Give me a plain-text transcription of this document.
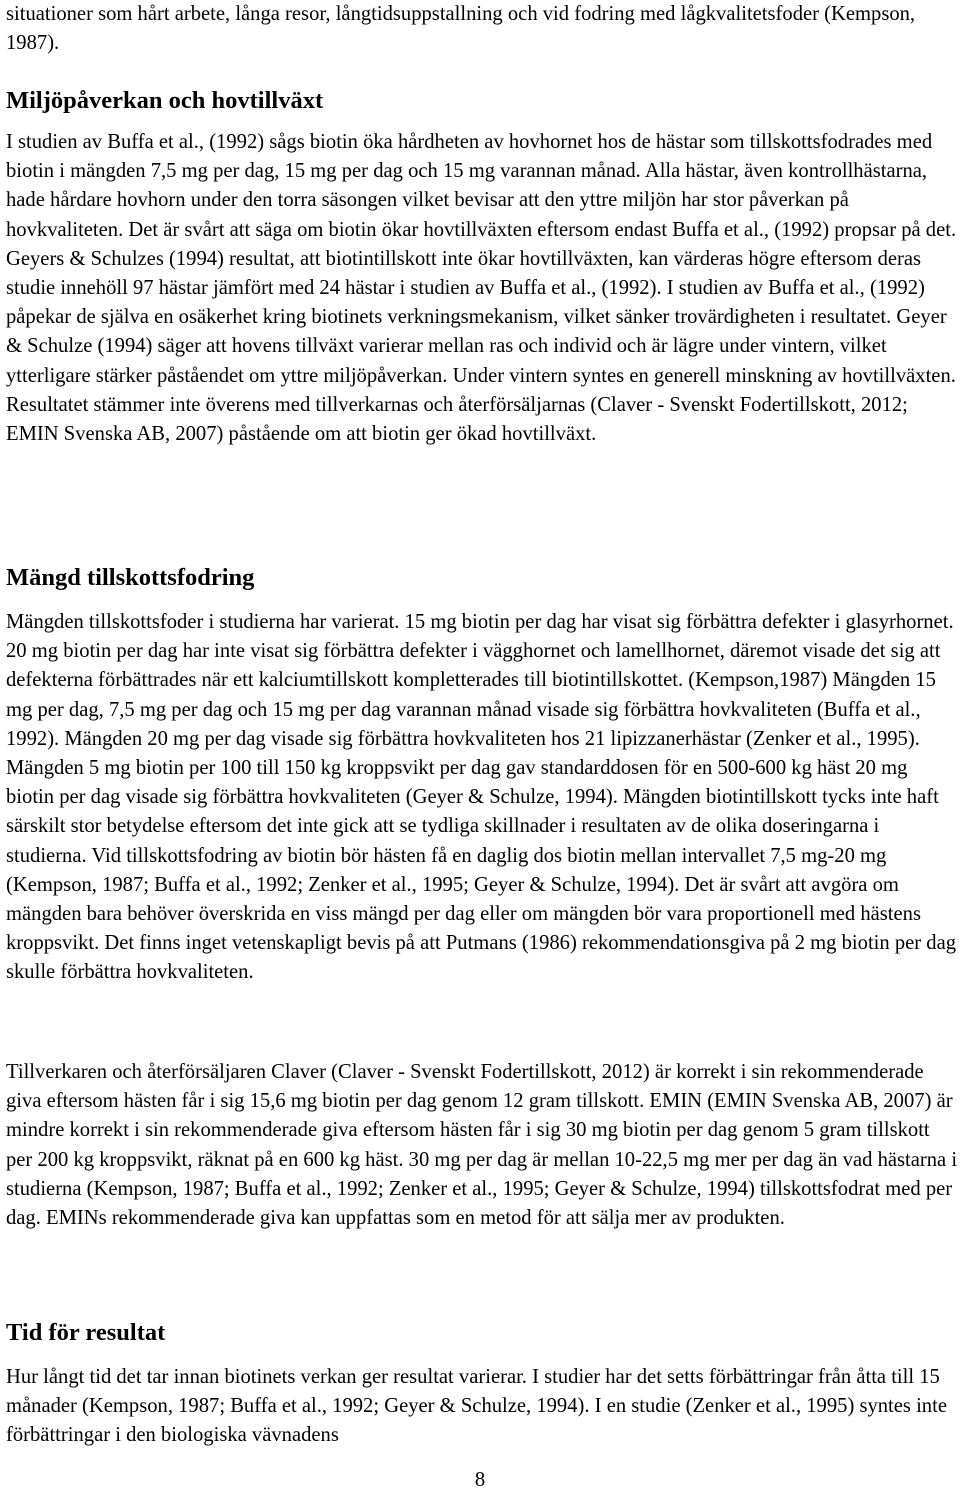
situationer som hårt arbete, långa resor, långtidsuppstallning och vid fodring med lågkvalitetsfoder (Kempson, 1987).

Miljöpåverkan och hovtillväxt

I studien av Buffa et al., (1992) sågs biotin öka hårdheten av hovhornet hos de hästar som tillskottsfodrades med biotin i mängden 7,5 mg per dag, 15 mg per dag och 15 mg varannan månad. Alla hästar, även kontrollhästarna, hade hårdare hovhorn under den torra säsongen vilket bevisar att den yttre miljön har stor påverkan på hovkvaliteten. Det är svårt att säga om biotin ökar hovtillväxten eftersom endast Buffa et al., (1992) propsar på det. Geyers & Schulzes (1994) resultat, att biotintillskott inte ökar hovtillväxten, kan värderas högre eftersom deras studie innehöll 97 hästar jämfört med 24 hästar i studien av Buffa et al., (1992). I studien av Buffa et al., (1992) påpekar de själva en osäkerhet kring biotinets verkningsmekanism, vilket sänker trovärdigheten i resultatet. Geyer & Schulze (1994) säger att hovens tillväxt varierar mellan ras och individ och är lägre under vintern, vilket ytterligare stärker påståendet om yttre miljöpåverkan. Under vintern syntes en generell minskning av hovtillväxten. Resultatet stämmer inte överens med tillverkarnas och återförsäljarnas (Claver - Svenskt Fodertillskott, 2012; EMIN Svenska AB, 2007) påstående om att biotin ger ökad hovtillväxt.

Mängd tillskottsfodring

Mängden tillskottsfoder i studierna har varierat. 15 mg biotin per dag har visat sig förbättra defekter i glasyrhornet. 20 mg biotin per dag har inte visat sig förbättra defekter i vägghornet och lamellhornet, däremot visade det sig att defekterna förbättrades när ett kalciumtillskott kompletterades till biotintillskottet. (Kempson,1987) Mängden 15 mg per dag, 7,5 mg per dag och 15 mg per dag varannan månad visade sig förbättra hovkvaliteten (Buffa et al., 1992). Mängden 20 mg per dag visade sig förbättra hovkvaliteten hos 21 lipizzanerhästar (Zenker et al., 1995). Mängden 5 mg biotin per 100 till 150 kg kroppsvikt per dag gav standarddosen för en 500-600 kg häst 20 mg biotin per dag visade sig förbättra hovkvaliteten (Geyer & Schulze, 1994). Mängden biotintillskott tycks inte haft särskilt stor betydelse eftersom det inte gick att se tydliga skillnader i resultaten av de olika doseringarna i studierna. Vid tillskottsfodring av biotin bör hästen få en daglig dos biotin mellan intervallet 7,5 mg-20 mg (Kempson, 1987; Buffa et al., 1992; Zenker et al., 1995; Geyer & Schulze, 1994). Det är svårt att avgöra om mängden bara behöver överskrida en viss mängd per dag eller om mängden bör vara proportionell med hästens kroppsvikt. Det finns inget vetenskapligt bevis på att Putmans (1986) rekommendationsgiva på 2 mg biotin per dag skulle förbättra hovkvaliteten.

Tillverkaren och återförsäljaren Claver (Claver - Svenskt Fodertillskott, 2012) är korrekt i sin rekommenderade giva eftersom hästen får i sig 15,6 mg biotin per dag genom 12 gram tillskott. EMIN (EMIN Svenska AB, 2007) är mindre korrekt i sin rekommenderade giva eftersom hästen får i sig 30 mg biotin per dag genom 5 gram tillskott per 200 kg kroppsvikt, räknat på en 600 kg häst. 30 mg per dag är mellan 10-22,5 mg mer per dag än vad hästarna i studierna (Kempson, 1987; Buffa et al., 1992; Zenker et al., 1995; Geyer & Schulze, 1994) tillskottsfodrat med per dag. EMINs rekommenderade giva kan uppfattas som en metod för att sälja mer av produkten.

Tid för resultat

Hur långt tid det tar innan biotinets verkan ger resultat varierar. I studier har det setts förbättringar från åtta till 15 månader (Kempson, 1987; Buffa et al., 1992; Geyer & Schulze, 1994). I en studie (Zenker et al., 1995) syntes inte förbättringar i den biologiska vävnadens

8
